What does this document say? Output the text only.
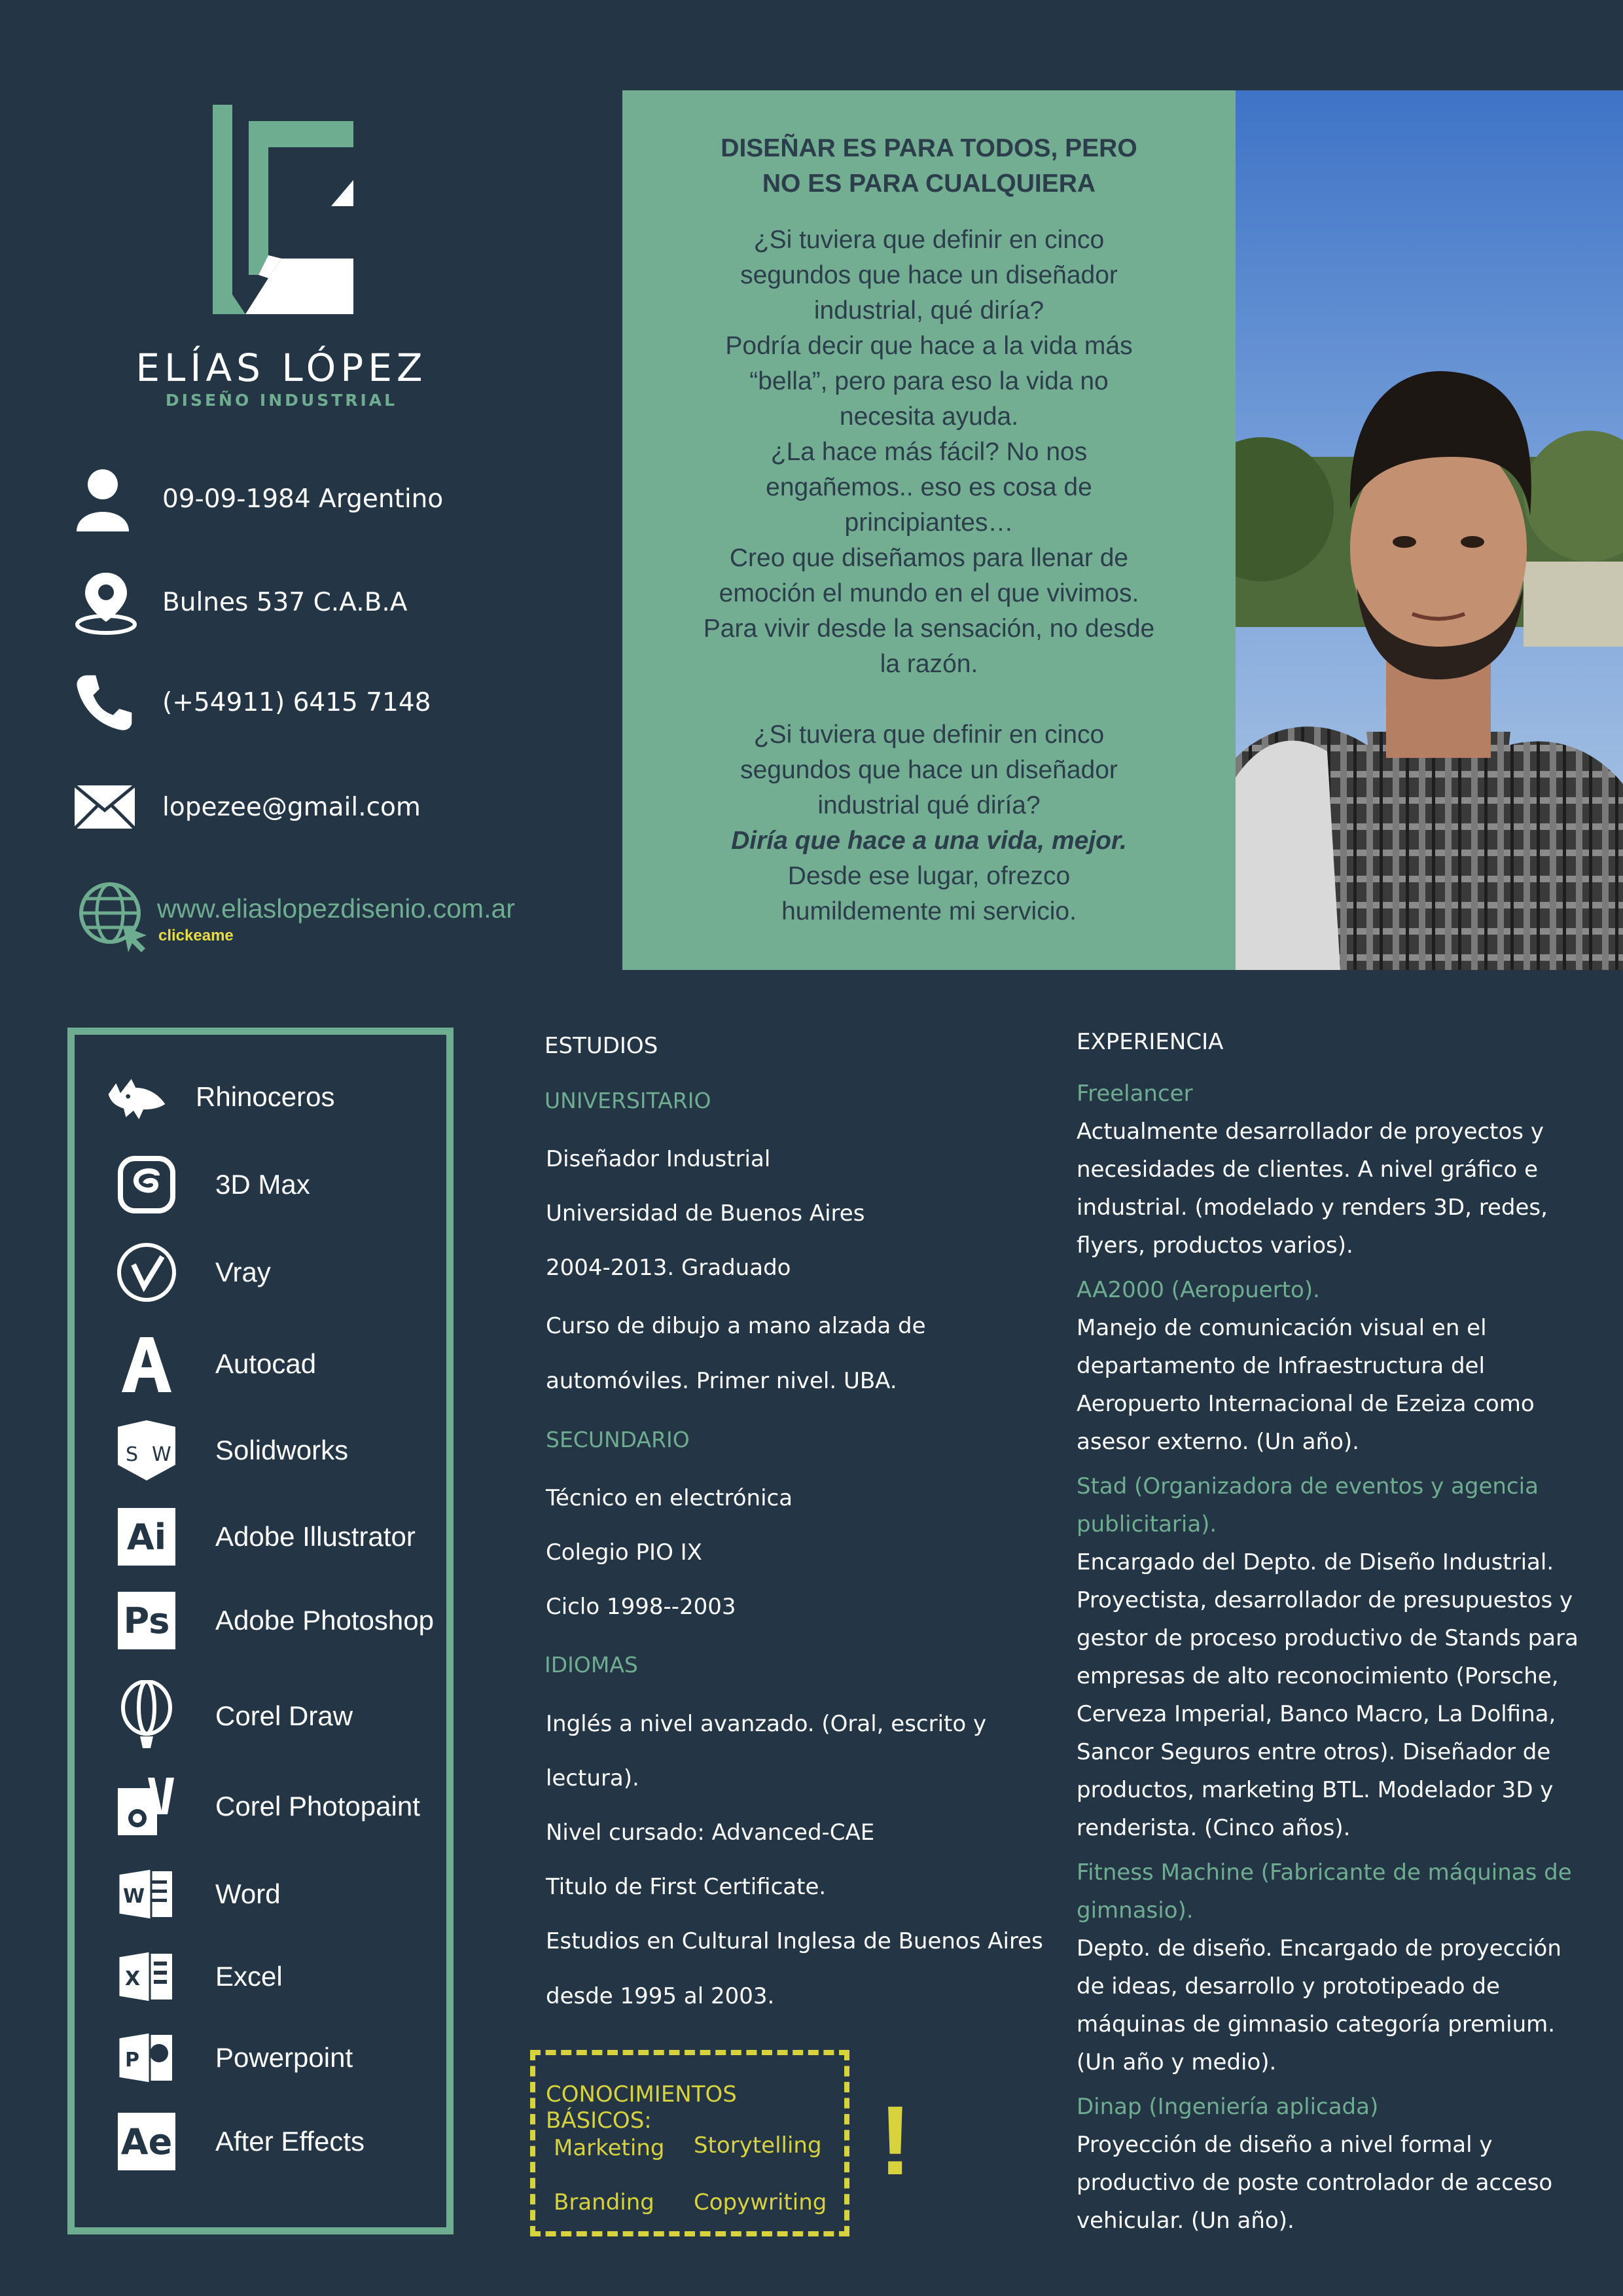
ELÍAS LÓPEZ
DISEÑO INDUSTRIAL
09-09-1984 Argentino
Bulnes 537 C.A.B.A
(+54911) 6415 7148
lopezee@gmail.com
www.eliaslopezdisenio.com.ar
clickeame
DISEÑAR ES PARA TODOS, PERO
NO ES PARA CUALQUIERA

¿Si tuviera que definir en cinco

segundos que hace un diseñador

industrial, qué diría?

Podría decir que hace a la vida más

“bella”, pero para eso la vida no

necesita ayuda.

¿La hace más fácil? No nos

engañemos.. eso es cosa de

principiantes…

Creo que diseñamos para llenar de

emoción el mundo en el que vivimos.

Para vivir desde la sensación, no desde

la razón.

¿Si tuviera que definir en cinco

segundos que hace un diseñador

industrial qué diría?

Diría que hace a una vida, mejor.

Desde ese lugar, ofrezco

humildemente mi servicio.

Rhinoceros
3D Max
Vray
Autocad
S W Solidworks
Ai	Adobe Illustrator
Ps Adobe Photoshop
Corel Draw
Corel Photopaint
W	Word
X	Excel
P	Powerpoint
Ae After Effects
ESTUDIOS
UNIVERSITARIO
Diseñador Industrial
Universidad de Buenos Aires
2004-2013. Graduado
Curso de dibujo a mano alzada de
automóviles. Primer nivel. UBA.
SECUNDARIO
Técnico en electrónica
Colegio PIO IX
Ciclo 1998--2003
IDIOMAS
Inglés a nivel avanzado. (Oral, escrito y
lectura).
Nivel cursado: Advanced-CAE
Titulo de First Certificate.
Estudios en Cultural Inglesa de Buenos Aires
desde 1995 al 2003.
CONOCIMIENTOS BÁSICOS:
Marketing Storytelling
Branding Copywriting
!
EXPERIENCIA
Freelancer
Actualmente desarrollador de proyectos y necesidades de clientes. A nivel gráfico e industrial. (modelado y renders 3D, redes, flyers, productos varios).
AA2000 (Aeropuerto).
Manejo de comunicación visual en el departamento de Infraestructura del Aeropuerto Internacional de Ezeiza como asesor externo. (Un año).
Stad (Organizadora de eventos y agencia publicitaria).
Encargado del Depto. de Diseño Industrial. Proyectista, desarrollador de presupuestos y gestor de proceso productivo de Stands para empresas de alto reconocimiento (Porsche, Cerveza Imperial, Banco Macro, La Dolfina, Sancor Seguros entre otros). Diseñador de productos, marketing BTL. Modelador 3D y renderista. (Cinco años).
Fitness Machine (Fabricante de máquinas de gimnasio).
Depto. de diseño. Encargado de proyección de ideas, desarrollo y prototipeado de máquinas de gimnasio categoría premium. (Un año y medio).
Dinap (Ingeniería aplicada)
Proyección de diseño a nivel formal y productivo de poste controlador de acceso vehicular. (Un año).
